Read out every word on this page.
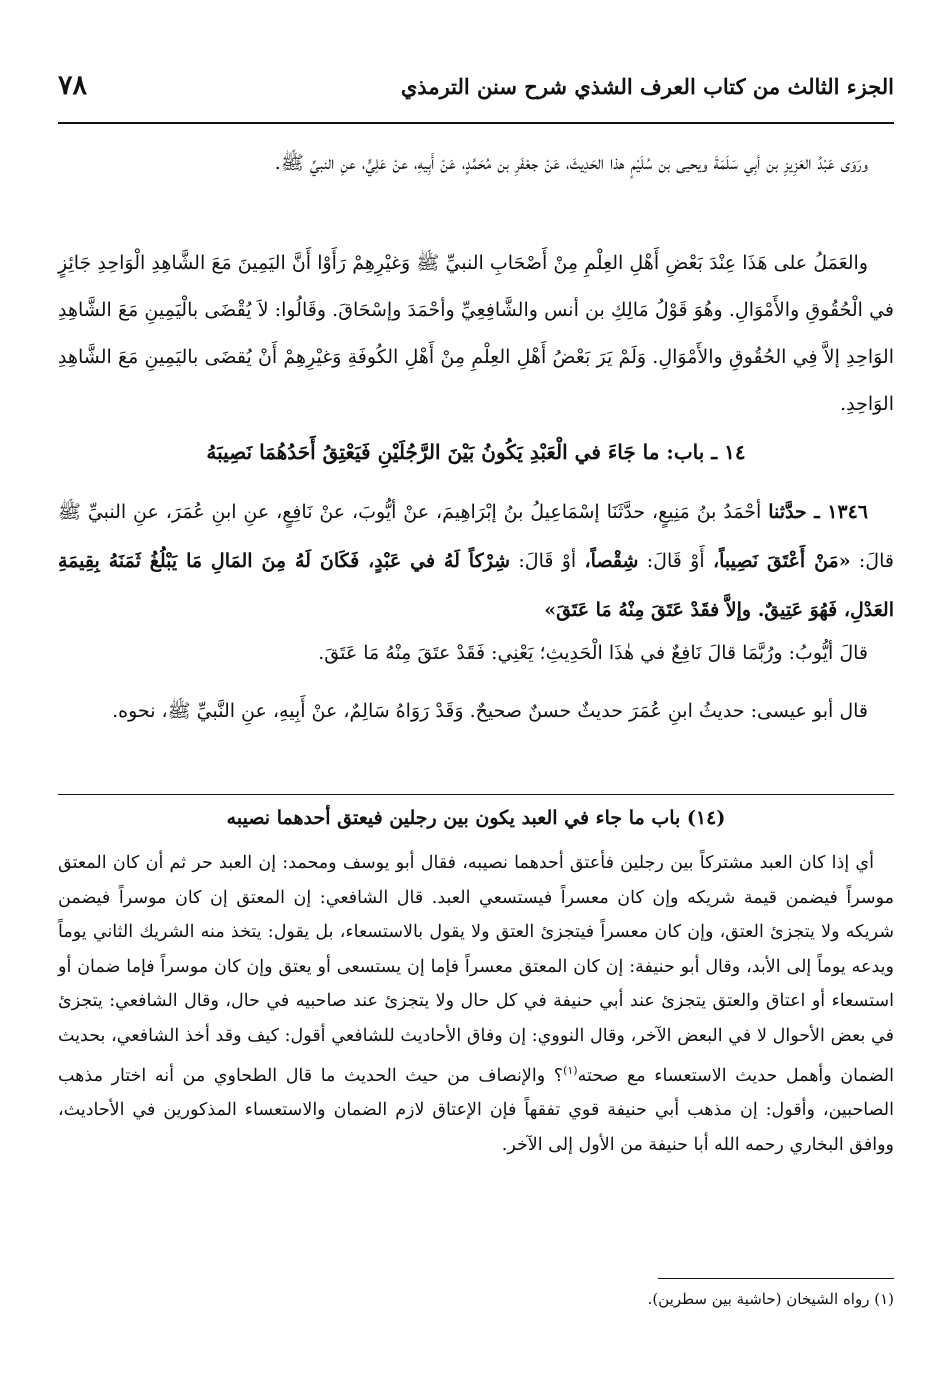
الجزء الثالث من كتاب العرف الشذي شرح سنن الترمذي
٧٨

ورَوَى عَبْدُ العَزِيزِ بن أبِي سَلَمَةَ ويحيى بن سُلَيْمٍ هذا الحَدِيثَ، عَنْ جعْفَرِ بن مُحَمَّدٍ، عَنْ أَبِيهِ، عنْ عَلِيٍّ، عنِ النبيِّ ﷺ.

والعَمَلُ على هَذَا عِنْدَ بَعْضِ أَهْلِ العِلْمِ مِنْ أَصْحَابِ النبيِّ ﷺ وَغيْرِهِمْ رَأَوْا أَنَّ اليَمِينَ مَعَ الشَّاهِدِ الْوَاحِدِ جَائِزٍ في الْحُقُوقِ والأَمْوَالِ. وهُوَ قَوْلُ مَالِكِ بن أنس والشَّافِعِيِّ وأحْمَدَ وإسْحَاقَ. وقَالُوا: لاَ يُقْضَى بالْيَمِينِ مَعَ الشَّاهِدِ الوَاحِدِ إلاَّ فِي الحُقُوقِ والأَمْوَالِ. وَلَمْ يَرَ بَعْضُ أَهْلِ العِلْمِ مِنْ أَهْلِ الكُوفَةِ وَغيْرِهِمْ أَنْ يُقضَى باليَمِينِ مَعَ الشَّاهِدِ الوَاحِدِ.

١٤ ـ باب: ما جَاءَ في الْعَبْدِ يَكُونُ بَيْنَ الرَّجُلَيْنِ فَيَعْتِقُ أَحَدُهُمَا نَصِيبَهُ
١٣٤٦ ـ حدَّثنا أحْمَدُ بنُ مَنِيعٍ، حدَّثَنَا إسْمَاعِيلُ بنُ إبْرَاهِيمَ، عنْ أيُّوبَ، عنْ نَافِعٍ، عنِ ابنِ عُمَرَ، عنِ النبيِّ ﷺ قالَ: «مَنْ أَعْتَقَ نَصِيباً، أَوْ قَالَ: شِقْصاً، أوْ قَالَ: شِرْكاً لَهُ في عَبْدٍ، فَكَانَ لَهُ مِنَ المَالِ مَا يَبْلُغُ ثَمَنَهُ بِقِيمَةِ العَدْلِ، فَهُوَ عَتِيقٌ. وإلاَّ فقَدْ عَتَقَ مِنْهُ مَا عَتَقَ»

قالَ أيُّوبُ: ورُبَّمَا قالَ نَافِعٌ في هٰذَا الْحَدِيثِ؛ يَعْنِي: فَقَدْ عتَقَ مِنْهُ مَا عَتَقَ.

قال أبو عيسى: حديثُ ابنِ عُمَرَ حديثٌ حسنٌ صحيحٌ. وَقَدْ رَوَاهُ سَالِمٌ، عنْ أَبِيهِ، عنِ النَّبيِّ ﷺ، نحوه.

(١٤) باب ما جاء في العبد يكون بين رجلين فيعتق أحدهما نصيبه
أي إذا كان العبد مشتركاً بين رجلين فأعتق أحدهما نصيبه، فقال أبو يوسف ومحمد: إن العبد حر ثم أن كان المعتق موسراً فيضمن قيمة شريكه وإن كان معسراً فيستسعي العبد. قال الشافعي: إن المعتق إن كان موسراً فيضمن شريكه ولا يتجزئ العتق، وإن كان معسراً فيتجزئ العتق ولا يقول بالاستسعاء، بل يقول: يتخذ منه الشريك الثاني يوماً ويدعه يوماً إلى الأبد، وقال أبو حنيفة: إن كان المعتق معسراً فإما إن يستسعى أو يعتق وإن كان موسراً فإما ضمان أو استسعاء أو اعتاق والعتق يتجزئ عند أبي حنيفة في كل حال ولا يتجزئ عند صاحبيه في حال، وقال الشافعي: يتجزئ في بعض الأحوال لا في البعض الآخر، وقال النووي: إن وفاق الأحاديث للشافعي أقول: كيف وقد أخذ الشافعي، بحديث الضمان وأهمل حديث الاستعساء مع صحته$^{(١)}$؟ والإنصاف من حيث الحديث ما قال الطحاوي من أنه اختار مذهب الصاحبين، وأقول: إن مذهب أبي حنيفة قوي تفقهاً فإن الإعتاق لازم الضمان والاستعساء المذكورين في الأحاديث، ووافق البخاري رحمه الله أبا حنيفة من الأول إلى الآخر.
(١) رواه الشيخان (حاشية بين سطرين).
